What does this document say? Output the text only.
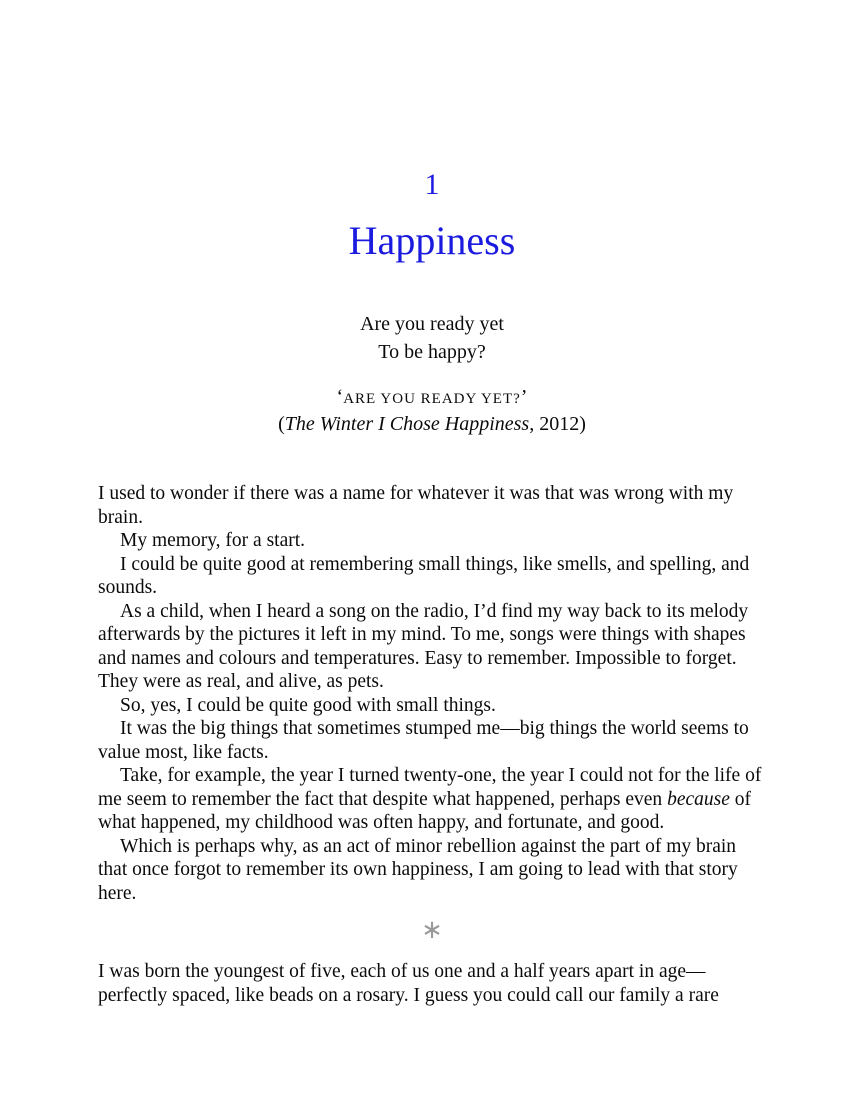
1
Happiness
Are you ready yet
To be happy?
‘ARE YOU READY YET?’
(The Winter I Chose Happiness, 2012)

I used to wonder if there was a name for whatever it was that was wrong with my brain.

My memory, for a start.

I could be quite good at remembering small things, like smells, and spelling, and sounds.

As a child, when I heard a song on the radio, I’d find my way back to its melody afterwards by the pictures it left in my mind. To me, songs were things with shapes and names and colours and temperatures. Easy to remember. Impossible to forget. They were as real, and alive, as pets.

So, yes, I could be quite good with small things.

It was the big things that sometimes stumped me—big things the world seems to value most, like facts.

Take, for example, the year I turned twenty-one, the year I could not for the life of me seem to remember the fact that despite what happened, perhaps even because of what happened, my childhood was often happy, and fortunate, and good.

Which is perhaps why, as an act of minor rebellion against the part of my brain that once forgot to remember its own happiness, I am going to lead with that story here.

∗

I was born the youngest of five, each of us one and a half years apart in age—perfectly spaced, like beads on a rosary. I guess you could call our family a rare
